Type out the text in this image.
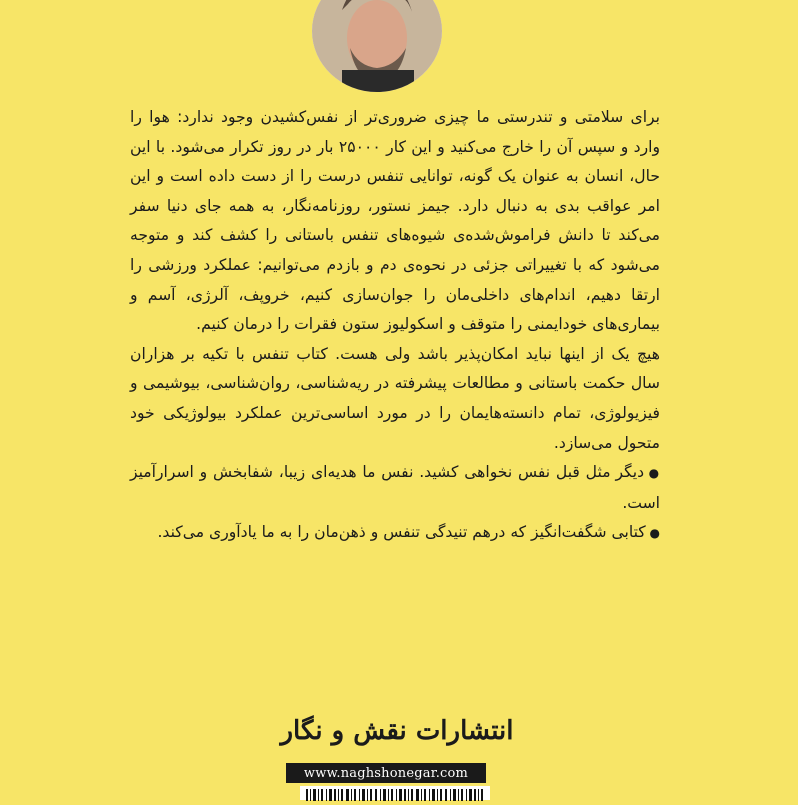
برای سلامتی و تندرستی ما چیزی ضروری‌تر از نفس‌کشیدن وجود ندارد: هوا را وارد و سپس آن را خارج می‌کنید و این کار ۲۵۰۰۰ بار در روز تکرار می‌شود. با این حال، انسان به عنوان یک گونه، توانایی تنفس درست را از دست داده است و این امر عواقب بدی به دنبال دارد. جیمز نستور، روزنامه‌نگار، به همه جای دنیا سفر می‌کند تا دانش فراموش‌شده‌ی شیوه‌های تنفس باستانی را کشف کند و متوجه می‌شود که با تغییراتی جزئی در نحوه‌ی دم و بازدم می‌توانیم: عملکرد ورزشی را ارتقا دهیم، اندام‌های داخلی‌مان را جوان‌سازی کنیم، خروپف، آلرژی، آسم و بیماری‌های خودایمنی را متوقف و اسکولیوز ستون فقرات را درمان کنیم.

هیچ یک از اینها نباید امکان‌پذیر باشد ولی هست. کتاب تنفس با تکیه بر هزاران سال حکمت باستانی و مطالعات پیشرفته در ریه‌شناسی، روان‌شناسی، بیوشیمی و فیزیولوژی، تمام دانسته‌هایمان را در مورد اساسی‌ترین عملکرد بیولوژیکی خود متحول می‌سازد.

● دیگر مثل قبل نفس نخواهی کشید. نفس ما هدیه‌ای زیبا، شفابخش و اسرارآمیز است.

● کتابی شگفت‌انگیز که درهم تنیدگی تنفس و ذهن‌مان را به ما یادآوری می‌کند.

انتشارات نقش و نگار
www.naghshonegar.com
